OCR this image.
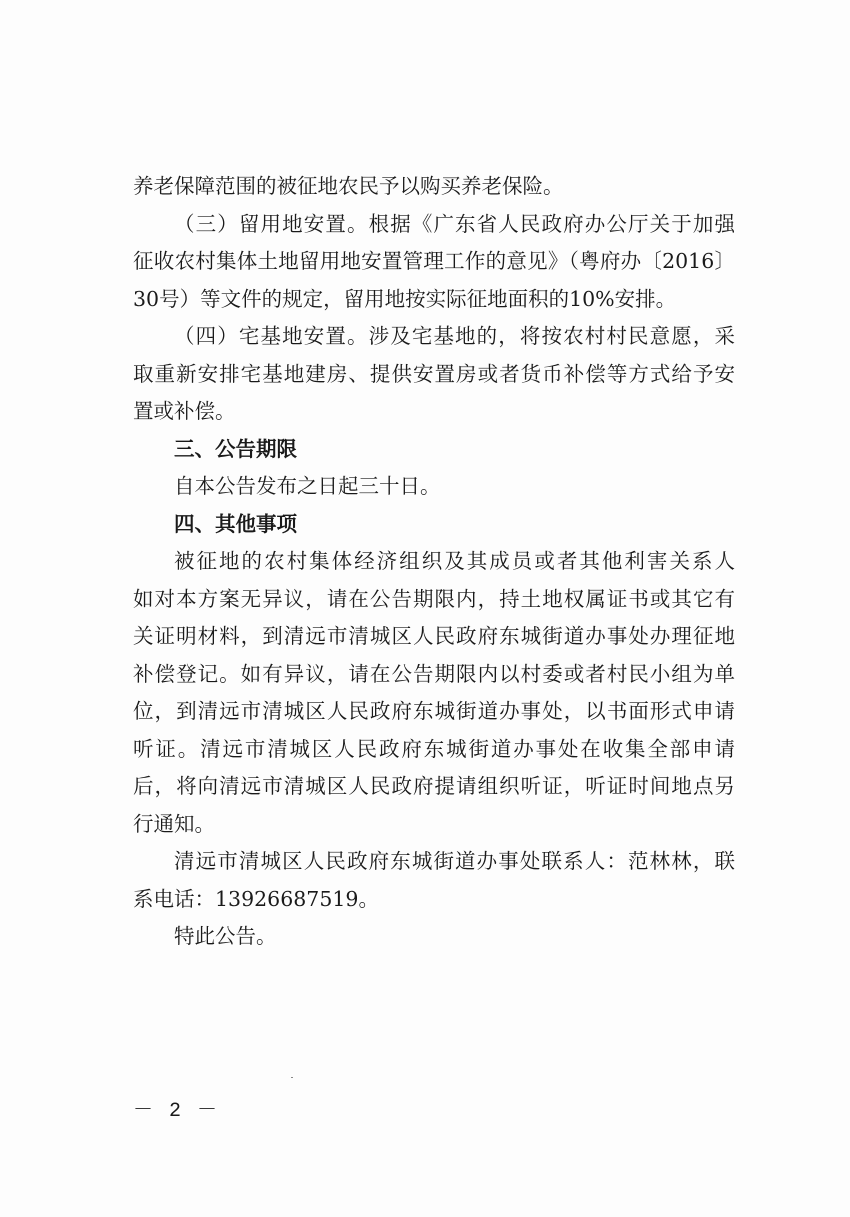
养老保障范围的被征地农民予以购买养老保险。
（三）留用地安置。根据《广东省人民政府办公厅关于加强
征收农村集体土地留用地安置管理工作的意见》（粤府办〔2016〕
30号）等文件的规定，留用地按实际征地面积的10%安排。
（四）宅基地安置。涉及宅基地的，将按农村村民意愿，采
取重新安排宅基地建房、提供安置房或者货币补偿等方式给予安
置或补偿。
三、公告期限
自本公告发布之日起三十日。
四、其他事项
被征地的农村集体经济组织及其成员或者其他利害关系人
如对本方案无异议，请在公告期限内，持土地权属证书或其它有
关证明材料，到清远市清城区人民政府东城街道办事处办理征地
补偿登记。如有异议，请在公告期限内以村委或者村民小组为单
位，到清远市清城区人民政府东城街道办事处，以书面形式申请
听证。清远市清城区人民政府东城街道办事处在收集全部申请
后，将向清远市清城区人民政府提请组织听证，听证时间地点另
行通知。
清远市清城区人民政府东城街道办事处联系人：范林林，联
系电话：13926687519。
特此公告。
－ 2 －
